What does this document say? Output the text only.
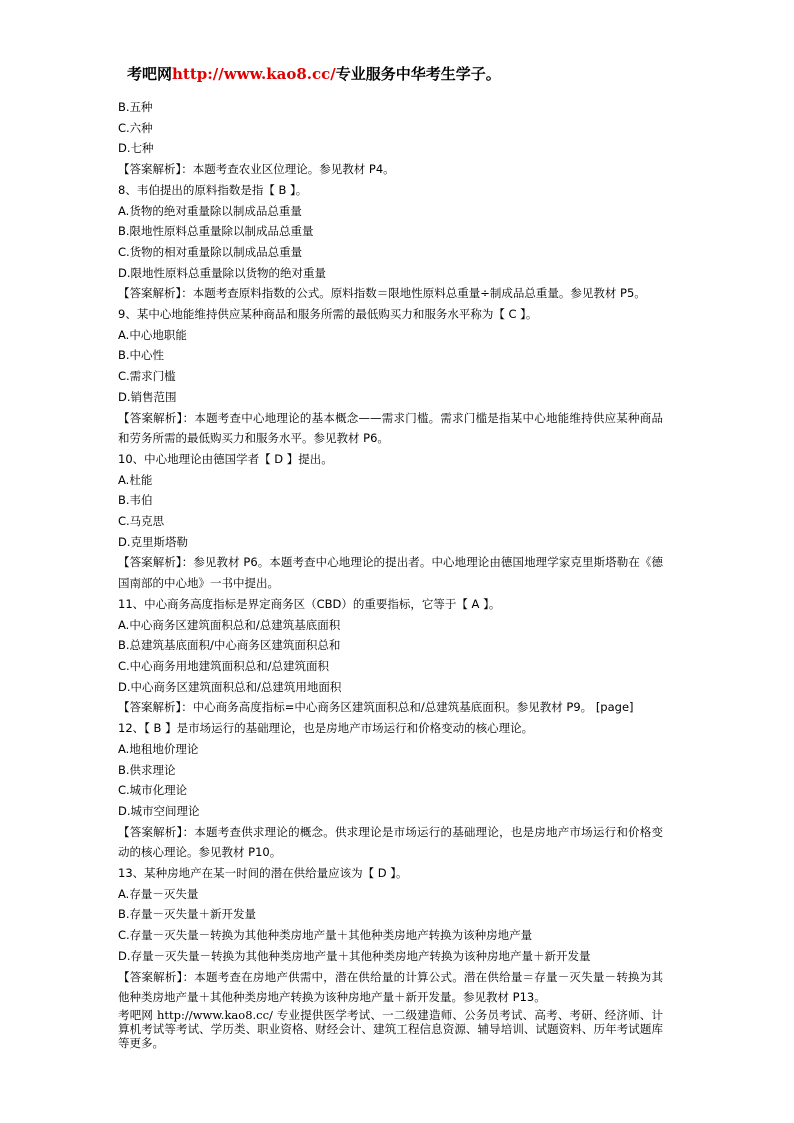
考吧网http://www.kao8.cc/专业服务中华考生学子。
B.五种
C.六种
D.七种
【答案解析】：本题考查农业区位理论。参见教材 P4。
8、韦伯提出的原料指数是指【 B 】。
A.货物的绝对重量除以制成品总重量
B.限地性原料总重量除以制成品总重量
C.货物的相对重量除以制成品总重量
D.限地性原料总重量除以货物的绝对重量
【答案解析】：本题考查原料指数的公式。原料指数＝限地性原料总重量÷制成品总重量。参见教材 P5。
9、某中心地能维持供应某种商品和服务所需的最低购买力和服务水平称为【 C 】。
A.中心地职能
B.中心性
C.需求门槛
D.销售范围
【答案解析】：本题考查中心地理论的基本概念——需求门槛。需求门槛是指某中心地能维持供应某种商品和劳务所需的最低购买力和服务水平。参见教材 P6。
10、中心地理论由德国学者【 D 】提出。
A.杜能
B.韦伯
C.马克思
D.克里斯塔勒
【答案解析】：参见教材 P6。本题考查中心地理论的提出者。中心地理论由德国地理学家克里斯塔勒在《德国南部的中心地》一书中提出。
11、中心商务高度指标是界定商务区（CBD）的重要指标，它等于【 A 】。
A.中心商务区建筑面积总和/总建筑基底面积
B.总建筑基底面积/中心商务区建筑面积总和
C.中心商务用地建筑面积总和/总建筑面积
D.中心商务区建筑面积总和/总建筑用地面积
【答案解析】：中心商务高度指标=中心商务区建筑面积总和/总建筑基底面积。参见教材 P9。 [page]
12、【 B 】是市场运行的基础理论，也是房地产市场运行和价格变动的核心理论。
A.地租地价理论
B.供求理论
C.城市化理论
D.城市空间理论
【答案解析】：本题考查供求理论的概念。供求理论是市场运行的基础理论，也是房地产市场运行和价格变动的核心理论。参见教材 P10。
13、某种房地产在某一时间的潜在供给量应该为【 D 】。
A.存量－灭失量
B.存量－灭失量＋新开发量
C.存量－灭失量－转换为其他种类房地产量＋其他种类房地产转换为该种房地产量
D.存量－灭失量－转换为其他种类房地产量＋其他种类房地产转换为该种房地产量＋新开发量
【答案解析】：本题考查在房地产供需中，潜在供给量的计算公式。潜在供给量＝存量－灭失量－转换为其他种类房地产量＋其他种类房地产转换为该种房地产量＋新开发量。参见教材 P13。
考吧网 http://www.kao8.cc/ 专业提供医学考试、一二级建造师、公务员考试、高考、考研、经济师、计算机考试等考试、学历类、职业资格、财经会计、建筑工程信息资源、辅导培训、试题资料、历年考试题库等更多。
